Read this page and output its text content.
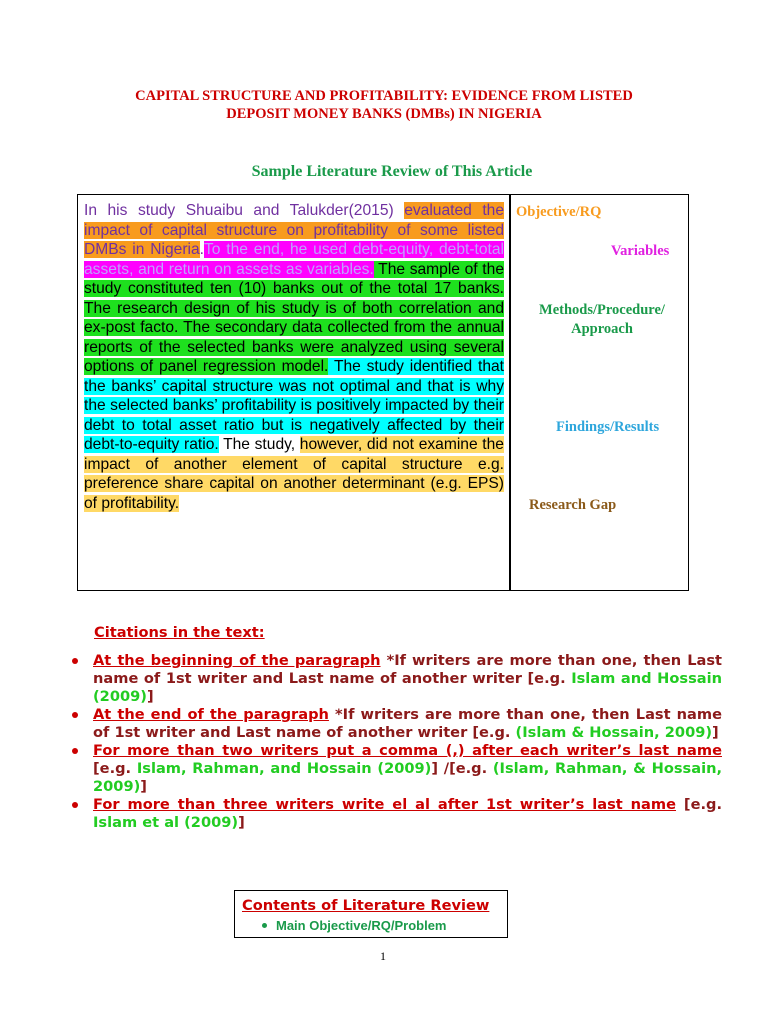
CAPITAL STRUCTURE AND PROFITABILITY: EVIDENCE FROM LISTED
DEPOSIT MONEY BANKS (DMBs) IN NIGERIA
Sample Literature Review of This Article

In his study Shuaibu and Talukder(2015) evaluated the impact of capital structure on profitability of some listed DMBs in Nigeria.To the end, he used debt-equity, debt-total assets, and return on assets as variables. The sample of the study constituted ten (10) banks out of the total 17 banks. The research design of his study is of both correlation and ex-post facto. The secondary data collected from the annual reports of the selected banks were analyzed using several options of panel regression model. The study identified that the banks’ capital structure was not optimal and that is why the selected banks’ profitability is positively impacted by their debt to total asset ratio but is negatively affected by their debt-to-equity ratio. The study, however, did not examine the impact of another element of capital structure e.g. preference share capital on another determinant (e.g. EPS) of profitability.

Objective/RQ
Variables
Methods/Procedure/
Approach
Findings/Results
Research Gap
Citations in the text:
At the beginning of the paragraph *If writers are more than one, then Last name of 1st writer and Last name of another writer [e.g. Islam and Hossain (2009)]
At the end of the paragraph *If writers are more than one, then Last name of 1st writer and Last name of another writer [e.g. (Islam & Hossain, 2009)]
For more than two writers put a comma (,) after each writer’s last name [e.g. Islam, Rahman, and Hossain (2009)] /[e.g. (Islam, Rahman, & Hossain, 2009)]
For more than three writers write el al after 1st writer’s last name [e.g. Islam et al (2009)]
Contents of Literature Review
Main Objective/RQ/Problem
1
